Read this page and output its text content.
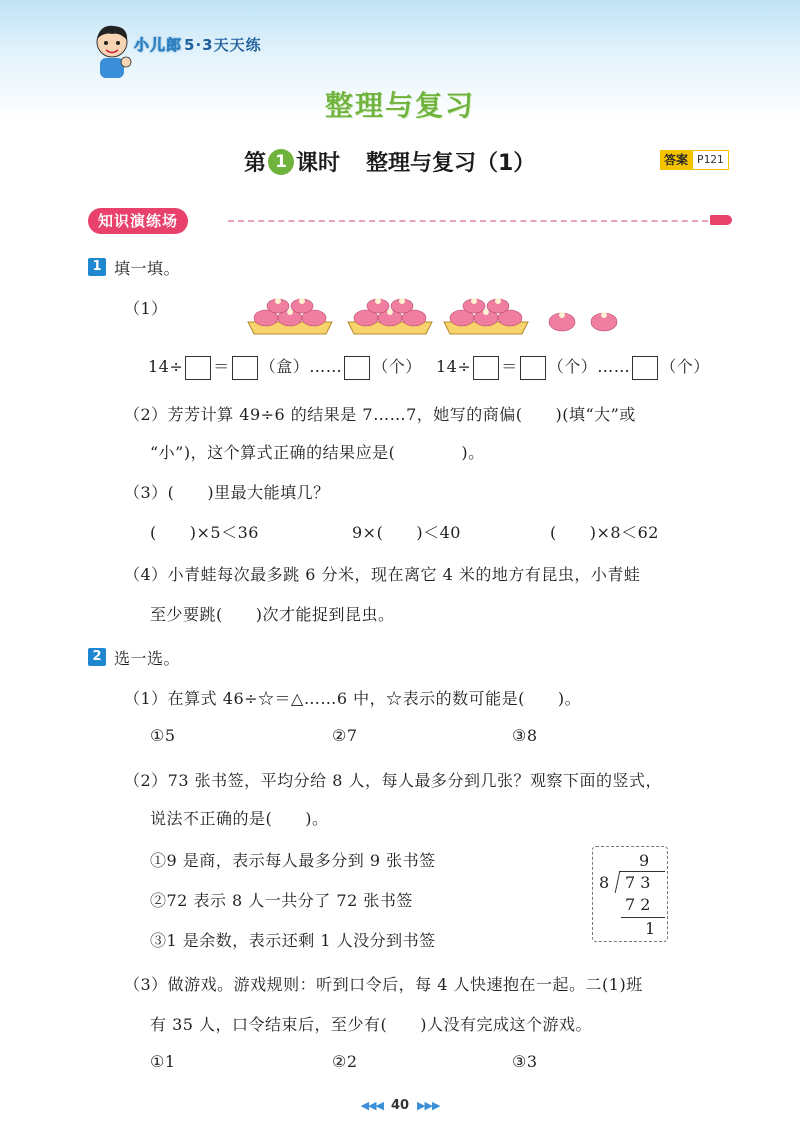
小儿郎 5·3天天练
整理与复习
第 1 课时 整理与复习（1）	答案 P121
知识演练场
1 填一填。
（1）
14÷ ＝ （盒）…… （个） 14÷ ＝ （个）…… （个）
（2）芳芳计算 49÷6 的结果是 7……7，她写的商偏(　　)(填“大”或
“小”)，这个算式正确的结果应是(　　　　)。
（3）(　　)里最大能填几？
(　　)×5＜36	9×(　　)＜40	(　　)×8＜62
（4）小青蛙每次最多跳 6 分米，现在离它 4 米的地方有昆虫，小青蛙
至少要跳(　　)次才能捉到昆虫。
2 选一选。
（1）在算式 46÷☆＝△……6 中，☆表示的数可能是(　　)。
①5	②7	③8
（2）73 张书签，平均分给 8 人，每人最多分到几张？观察下面的竖式，
说法不正确的是(　　)。
①9 是商，表示每人最多分到 9 张书签
②72 表示 8 人一共分了 72 张书签
③1 是余数，表示还剩 1 人没分到书签
9
8 7 3
7 2
1
（3）做游戏。游戏规则：听到口令后，每 4 人快速抱在一起。二(1)班
有 35 人，口令结束后，至少有(　　)人没有完成这个游戏。
①1	②2	③3
◀◀◀ 40 ▶▶▶
